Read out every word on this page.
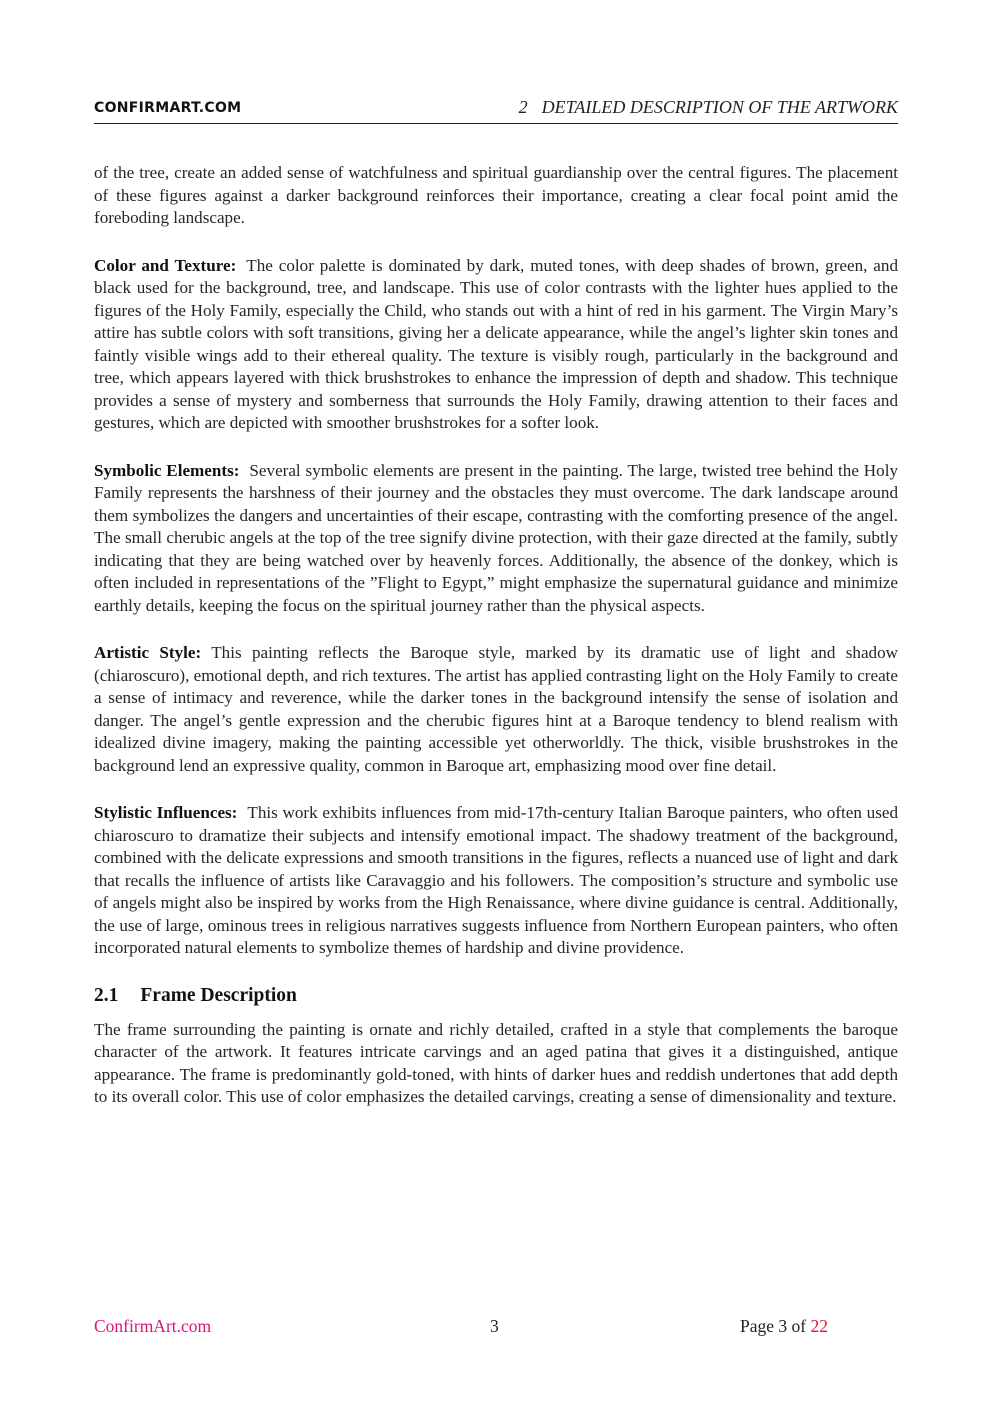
CONFIRMART.COM	2 DETAILED DESCRIPTION OF THE ARTWORK

of the tree, create an added sense of watchfulness and spiritual guardianship over the central figures. The placement of these figures against a darker background reinforces their importance, creating a clear focal point amid the foreboding landscape.

Color and Texture: The color palette is dominated by dark, muted tones, with deep shades of brown, green, and black used for the background, tree, and landscape. This use of color contrasts with the lighter hues applied to the figures of the Holy Family, especially the Child, who stands out with a hint of red in his garment. The Virgin Mary’s attire has subtle colors with soft transitions, giving her a delicate appearance, while the angel’s lighter skin tones and faintly visible wings add to their ethereal quality. The texture is visibly rough, particularly in the background and tree, which appears layered with thick brushstrokes to enhance the impression of depth and shadow. This technique provides a sense of mystery and somberness that surrounds the Holy Family, drawing attention to their faces and gestures, which are depicted with smoother brushstrokes for a softer look.

Symbolic Elements: Several symbolic elements are present in the painting. The large, twisted tree behind the Holy Family represents the harshness of their journey and the obstacles they must overcome. The dark landscape around them symbolizes the dangers and uncertainties of their escape, contrasting with the comforting presence of the angel. The small cherubic angels at the top of the tree signify divine protection, with their gaze directed at the family, subtly indicating that they are being watched over by heavenly forces. Additionally, the absence of the donkey, which is often included in representations of the ”Flight to Egypt,” might emphasize the supernatural guidance and minimize earthly details, keeping the focus on the spiritual journey rather than the physical aspects.

Artistic Style: This painting reflects the Baroque style, marked by its dramatic use of light and shadow (chiaroscuro), emotional depth, and rich textures. The artist has applied contrasting light on the Holy Family to create a sense of intimacy and reverence, while the darker tones in the background intensify the sense of isolation and danger. The angel’s gentle expression and the cherubic figures hint at a Baroque tendency to blend realism with idealized divine imagery, making the painting accessible yet otherworldly. The thick, visible brushstrokes in the background lend an expressive quality, common in Baroque art, emphasizing mood over fine detail.

Stylistic Influences: This work exhibits influences from mid-17th-century Italian Baroque painters, who often used chiaroscuro to dramatize their subjects and intensify emotional impact. The shadowy treatment of the background, combined with the delicate expressions and smooth transitions in the figures, reflects a nuanced use of light and dark that recalls the influence of artists like Caravaggio and his followers. The composition’s structure and symbolic use of angels might also be inspired by works from the High Renaissance, where divine guidance is central. Additionally, the use of large, ominous trees in religious narratives suggests influence from Northern European painters, who often incorporated natural elements to symbolize themes of hardship and divine providence.

2.1 Frame Description

The frame surrounding the painting is ornate and richly detailed, crafted in a style that complements the baroque character of the artwork. It features intricate carvings and an aged patina that gives it a distinguished, antique appearance. The frame is predominantly gold-toned, with hints of darker hues and reddish undertones that add depth to its overall color. This use of color emphasizes the detailed carvings, creating a sense of dimensionality and texture.

ConfirmArt.com	3	Page 3 of 22
